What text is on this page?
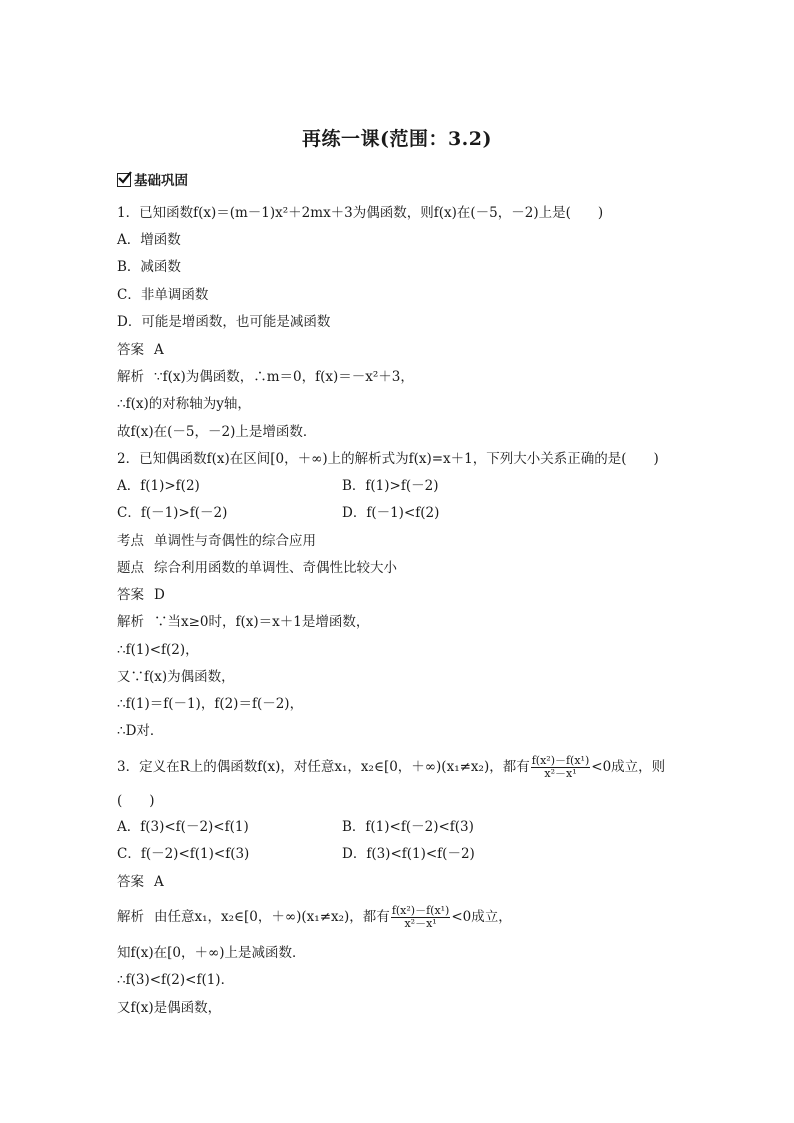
再练一课(范围：3.2)
基础巩固
1．已知函数f(x)＝(m－1)x²＋2mx＋3为偶函数，则f(x)在(－5，－2)上是(　　)
A．增函数
B．减函数
C．非单调函数
D．可能是增函数，也可能是减函数
答案 A
解析 ∵f(x)为偶函数，∴m＝0，f(x)＝－x²＋3，
∴f(x)的对称轴为y轴，
故f(x)在(－5，－2)上是增函数．
2．已知偶函数f(x)在区间[0，＋∞)上的解析式为f(x)=x＋1，下列大小关系正确的是(　　)
A．f(1)>f(2)	B．f(1)>f(－2)
C．f(－1)>f(－2)	D．f(－1)<f(2)
考点 单调性与奇偶性的综合应用
题点 综合利用函数的单调性、奇偶性比较大小
答案 D
解析 ∵当x≥0时，f(x)＝x＋1是增函数，
∴f(1)<f(2)，
又∵f(x)为偶函数，
∴f(1)＝f(－1)，f(2)＝f(－2)，
∴D对．
3．定义在R上的偶函数f(x)，对任意x₁，x₂∈[0，＋∞)(x₁≠x₂)，都有 $\frac{\text{f(x²)－f(x¹)}}{\text{x²－x¹}} <0$成立，则
(　　)
A．f(3)<f(－2)<f(1)	B．f(1)<f(－2)<f(3)
C．f(－2)<f(1)<f(3)	D．f(3)<f(1)<f(－2)
答案 A
解析 由任意x₁，x₂∈[0，＋∞)(x₁≠x₂)，都有 $\frac{\text{f(x²)－f(x¹)}}{\text{x²－x¹}} <0$成立，
知f(x)在[0，＋∞)上是减函数．
∴f(3)<f(2)<f(1)．
又f(x)是偶函数，
